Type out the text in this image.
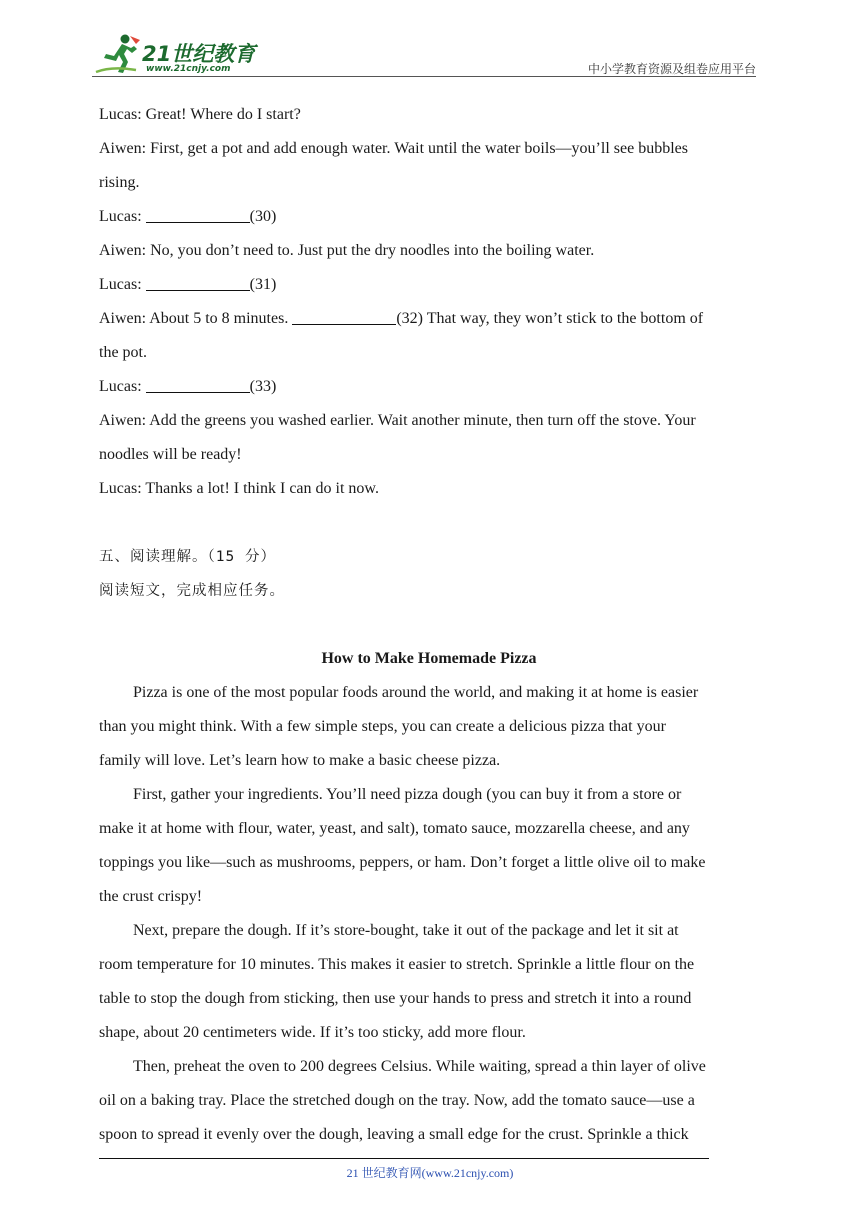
21世纪教育
www.21cnjy.com	中小学教育资源及组卷应用平台
Lucas: Great! Where do I start?
Aiwen: First, get a pot and add enough water. Wait until the water boils—you’ll see bubbles
rising.
Lucas:	(30)
Aiwen: No, you don’t need to. Just put the dry noodles into the boiling water.
Lucas:	(31)
Aiwen: About 5 to 8 minutes.	(32) That way, they won’t stick to the bottom of
the pot.
Lucas:	(33)
Aiwen: Add the greens you washed earlier. Wait another minute, then turn off the stove. Your
noodles will be ready!
Lucas: Thanks a lot! I think I can do it now.
五、阅读理解。（15 分）
阅读短文，完成相应任务。
How to Make Homemade Pizza
Pizza is one of the most popular foods around the world, and making it at home is easier
than you might think. With a few simple steps, you can create a delicious pizza that your
family will love. Let’s learn how to make a basic cheese pizza.
First, gather your ingredients. You’ll need pizza dough (you can buy it from a store or
make it at home with flour, water, yeast, and salt), tomato sauce, mozzarella cheese, and any
toppings you like—such as mushrooms, peppers, or ham. Don’t forget a little olive oil to make
the crust crispy!
Next, prepare the dough. If it’s store-bought, take it out of the package and let it sit at
room temperature for 10 minutes. This makes it easier to stretch. Sprinkle a little flour on the
table to stop the dough from sticking, then use your hands to press and stretch it into a round
shape, about 20 centimeters wide. If it’s too sticky, add more flour.
Then, preheat the oven to 200 degrees Celsius. While waiting, spread a thin layer of olive
oil on a baking tray. Place the stretched dough on the tray. Now, add the tomato sauce—use a
spoon to spread it evenly over the dough, leaving a small edge for the crust. Sprinkle a thick
21 世纪教育网(www.21cnjy.com)
